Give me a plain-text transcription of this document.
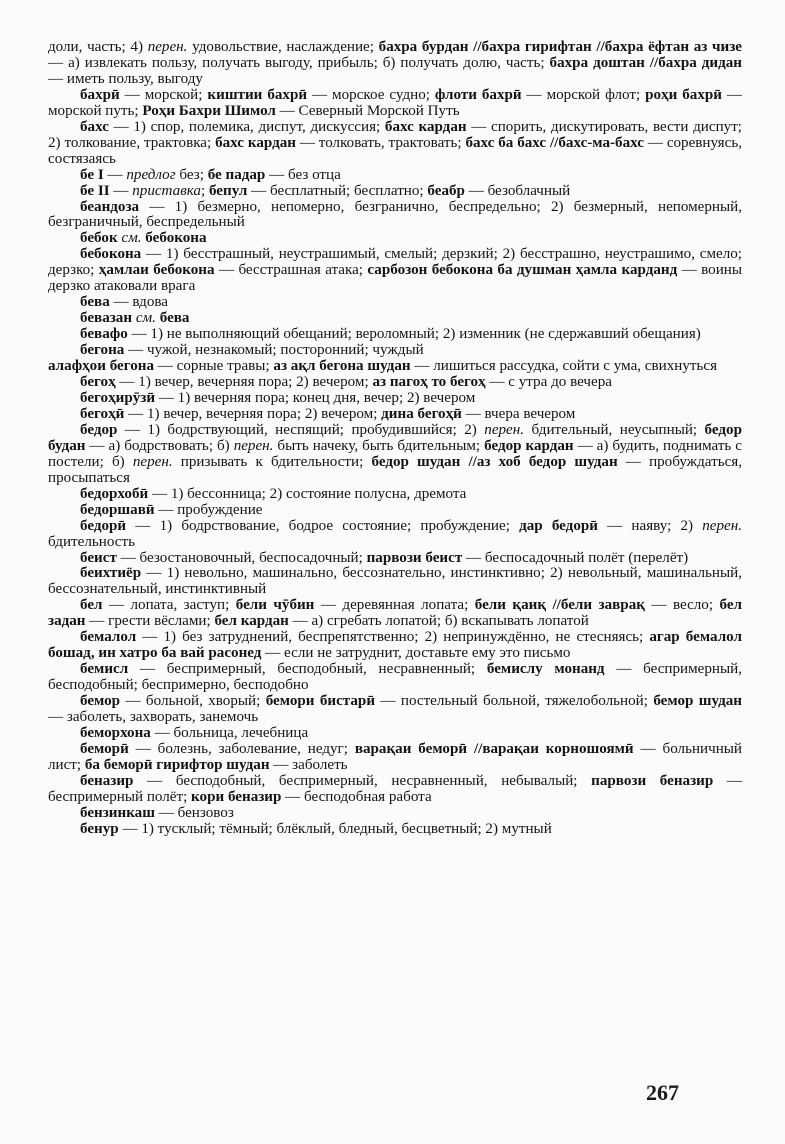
доли, часть; 4) перен. удовольствие, наслаждение; бахра бурдан //бахра гирифтан //бахра ёфтан аз чизе — а) извлекать пользу, получать выгоду, прибыль; б) получать долю, часть; бахра доштан //бахра дидан — иметь пользу, выгоду

бахрӣ — морской; киштии бахрӣ — морское судно; флоти бахрӣ — морской флот; роҳи бахрӣ — морской путь; Роҳи Бахри Шимол — Северный Морской Путь

бахс — 1) спор, полемика, диспут, дискуссия; бахс кардан — спорить, дискутировать, вести диспут; 2) толкование, трактовка; бахс кардан — толковать, трактовать; бахс ба бахс //бахс-ма-бахс — соревнуясь, состязаясь

бе I — предлог без; бе падар — без отца

бе II — приставка; бепул — бесплатный; бесплатно; беабр — безоблачный

беандоза — 1) безмерно, непомерно, безгранично, беспредельно; 2) безмерный, непомерный, безграничный, беспредельный

бебок см. бебокона

бебокона — 1) бесстрашный, неустрашимый, смелый; дерзкий; 2) бесстрашно, неустрашимо, смело; дерзко; ҳамлаи бебокона — бесстрашная атака; сарбозон бебокона ба душман ҳамла карданд — воины дерзко атаковали врага

бева — вдова

бевазан см. бева

бевафо — 1) не выполняющий обещаний; вероломный; 2) изменник (не сдержавший обещания)

бегона — чужой, незнакомый; посторонний; чуждый

алафҳои бегона — сорные травы; аз ақл бегона шудан — лишиться рассудка, сойти с ума, свихнуться

бегоҳ — 1) вечер, вечерняя пора; 2) вечером; аз пагоҳ то бегоҳ — с утра до вечера

бегоҳирӯзӣ — 1) вечерняя пора; конец дня, вечер; 2) вечером

бегоҳӣ — 1) вечер, вечерняя пора; 2) вечером; дина бегоҳӣ — вчера вечером

бедор — 1) бодрствующий, неспящий; пробудившийся; 2) перен. бдительный, неусыпный; бедор будан — а) бодрствовать; б) перен. быть начеку, быть бдительным; бедор кардан — а) будить, поднимать с постели; б) перен. призывать к бдительности; бедор шудан //аз хоб бедор шудан — пробуждаться, просыпаться

бедорхобӣ — 1) бессонница; 2) состояние полусна, дремота

бедоршавӣ — пробуждение

бедорӣ — 1) бодрствование, бодрое состояние; пробуждение; дар бедорӣ — наяву; 2) перен. бдительность

беист — безостановочный, беспосадочный; парвози беист — беспосадочный полёт (перелёт)

беихтиёр — 1) невольно, машинально, бессознательно, инстинктивно; 2) невольный, машинальный, бессознательный, инстинктивный

бел — лопата, заступ; бели чӯбин — деревянная лопата; бели қаиқ //бели заврақ — весло; бел задан — грести вёслами; бел кардан — а) сгребать лопатой; б) вскапывать лопатой

бемалол — 1) без затруднений, беспрепятственно; 2) непринуждённо, не стесняясь; агар бемалол бошад, ин хатро ба вай расонед — если не затруднит, доставьте ему это письмо

бемисл — беспримерный, бесподобный, несравненный; бемислу монанд — беспримерный, бесподобный; беспримерно, бесподобно

бемор — больной, хворый; бемори бистарӣ — постельный больной, тяжелобольной; бемор шудан — заболеть, захворать, занемочь

беморхона — больница, лечебница

беморӣ — болезнь, заболевание, недуг; варақаи беморӣ //варақаи корношоямӣ — больничный лист; ба беморӣ гирифтор шудан — заболеть

беназир — бесподобный, беспримерный, несравненный, небывалый; парвози беназир — беспримерный полёт; кори беназир — бесподобная работа

бензинкаш — бензовоз

бенур — 1) тусклый; тёмный; блёклый, бледный, бесцветный; 2) мутный

267
